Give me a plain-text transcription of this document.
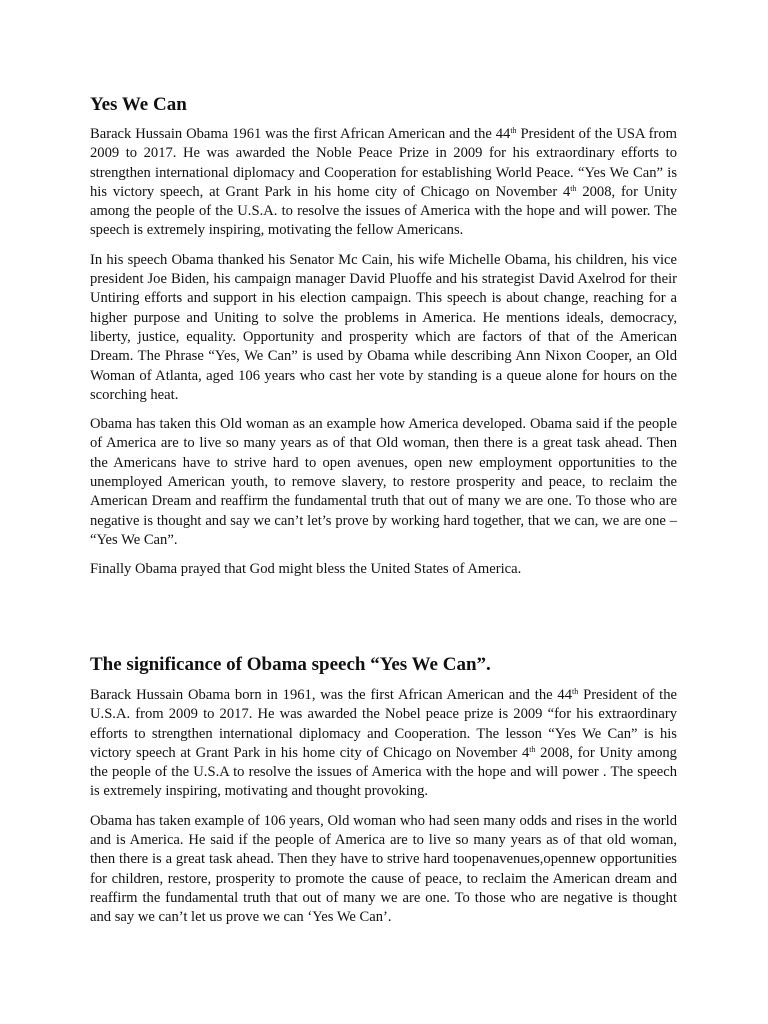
Yes We Can

Barack Hussain Obama 1961 was the first African American and the 44th President of the USA from 2009 to 2017. He was awarded the Noble Peace Prize in 2009 for his extraordinary efforts to strengthen international diplomacy and Cooperation for establishing World Peace. “Yes We Can” is his victory speech, at Grant Park in his home city of Chicago on November 4th 2008, for Unity among the people of the U.S.A. to resolve the issues of America with the hope and will power. The speech is extremely inspiring, motivating the fellow Americans.

In his speech Obama thanked his Senator Mc Cain, his wife Michelle Obama, his children, his vice president Joe Biden, his campaign manager David Pluoffe and his strategist David Axelrod for their Untiring efforts and support in his election campaign. This speech is about change, reaching for a higher purpose and Uniting to solve the problems in America. He mentions ideals, democracy, liberty, justice, equality. Opportunity and prosperity which are factors of that of the American Dream. The Phrase “Yes, We Can” is used by Obama while describing Ann Nixon Cooper, an Old Woman of Atlanta, aged 106 years who cast her vote by standing is a queue alone for hours on the scorching heat.

Obama has taken this Old woman as an example how America developed. Obama said if the people of America are to live so many years as of that Old woman, then there is a great task ahead. Then the Americans have to strive hard to open avenues, open new employment opportunities to the unemployed American youth, to remove slavery, to restore prosperity and peace, to reclaim the American Dream and reaffirm the fundamental truth that out of many we are one. To those who are negative is thought and say we can’t let’s prove by working hard together, that we can, we are one – “Yes We Can”.

Finally Obama prayed that God might bless the United States of America.

The significance of Obama speech “Yes We Can”.

Barack Hussain Obama born in 1961, was the first African American and the 44th President of the U.S.A. from 2009 to 2017. He was awarded the Nobel peace prize is 2009 “for his extraordinary efforts to strengthen international diplomacy and Cooperation. The lesson “Yes We Can” is his victory speech at Grant Park in his home city of Chicago on November 4th 2008, for Unity among the people of the U.S.A to resolve the issues of America with the hope and will power . The speech is extremely inspiring, motivating and thought provoking.

Obama has taken example of 106 years, Old woman who had seen many odds and rises in the world and is America. He said if the people of America are to live so many years as of that old woman, then there is a great task ahead. Then they have to strive hard toopenavenues,opennew opportunities for children, restore, prosperity to promote the cause of peace, to reclaim the American dream and reaffirm the fundamental truth that out of many we are one. To those who are negative is thought and say we can’t let us prove we can ‘Yes We Can’.
